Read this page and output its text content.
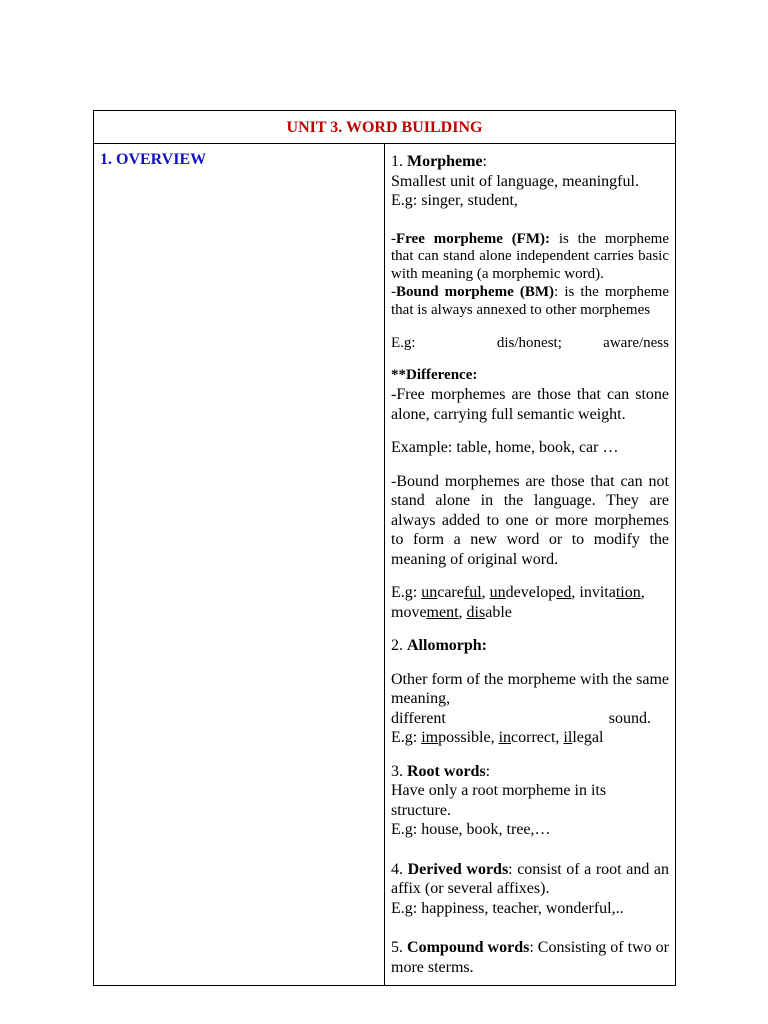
UNIT 3. WORD BUILDING

1. OVERVIEW	1. Morpheme:

Smallest unit of language, meaningful.

E.g: singer, student,

-Free morpheme (FM): is the morpheme that can stand alone independent carries basic with meaning (a morphemic word).

-Bound morpheme (BM): is the morpheme that is always annexed to other morphemes

E.g:	dis/honest;	aware/ness

**Difference:

-Free morphemes are those that can stone alone, carrying full semantic weight.

Example: table, home, book, car …

-Bound morphemes are those that can not stand alone in the language. They are always added to one or more morphemes to form a new word or to modify the meaning of original word.

E.g: uncareful, undeveloped, invitation,
movement, disable

2. Allomorph:

Other form of the morpheme with the same meaning,

different	sound.

E.g: impossible, incorrect, illegal

3. Root words:

Have only a root morpheme in its structure.

E.g: house, book, tree,…

4. Derived words: consist of a root and an affix (or several affixes).

E.g: happiness, teacher, wonderful,..

5. Compound words: Consisting of two or more sterms.
